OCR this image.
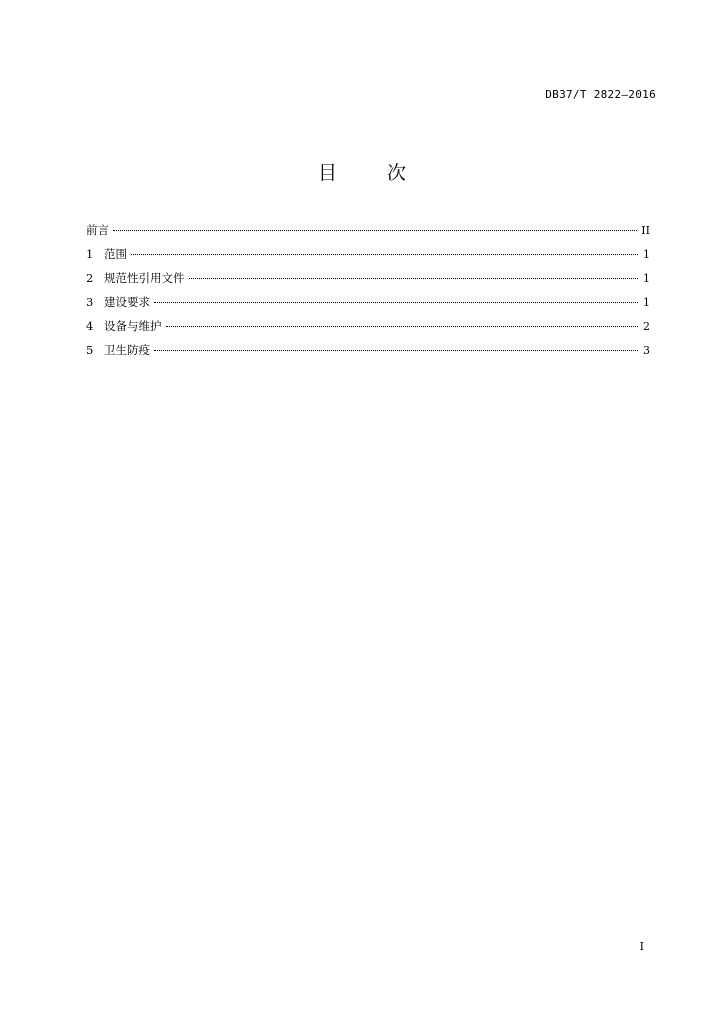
DB37/T 2822—2016
目 次
前言	II
1 范围	1
2 规范性引用文件	1
3 建设要求	1
4 设备与维护	2
5 卫生防疫	3
I
